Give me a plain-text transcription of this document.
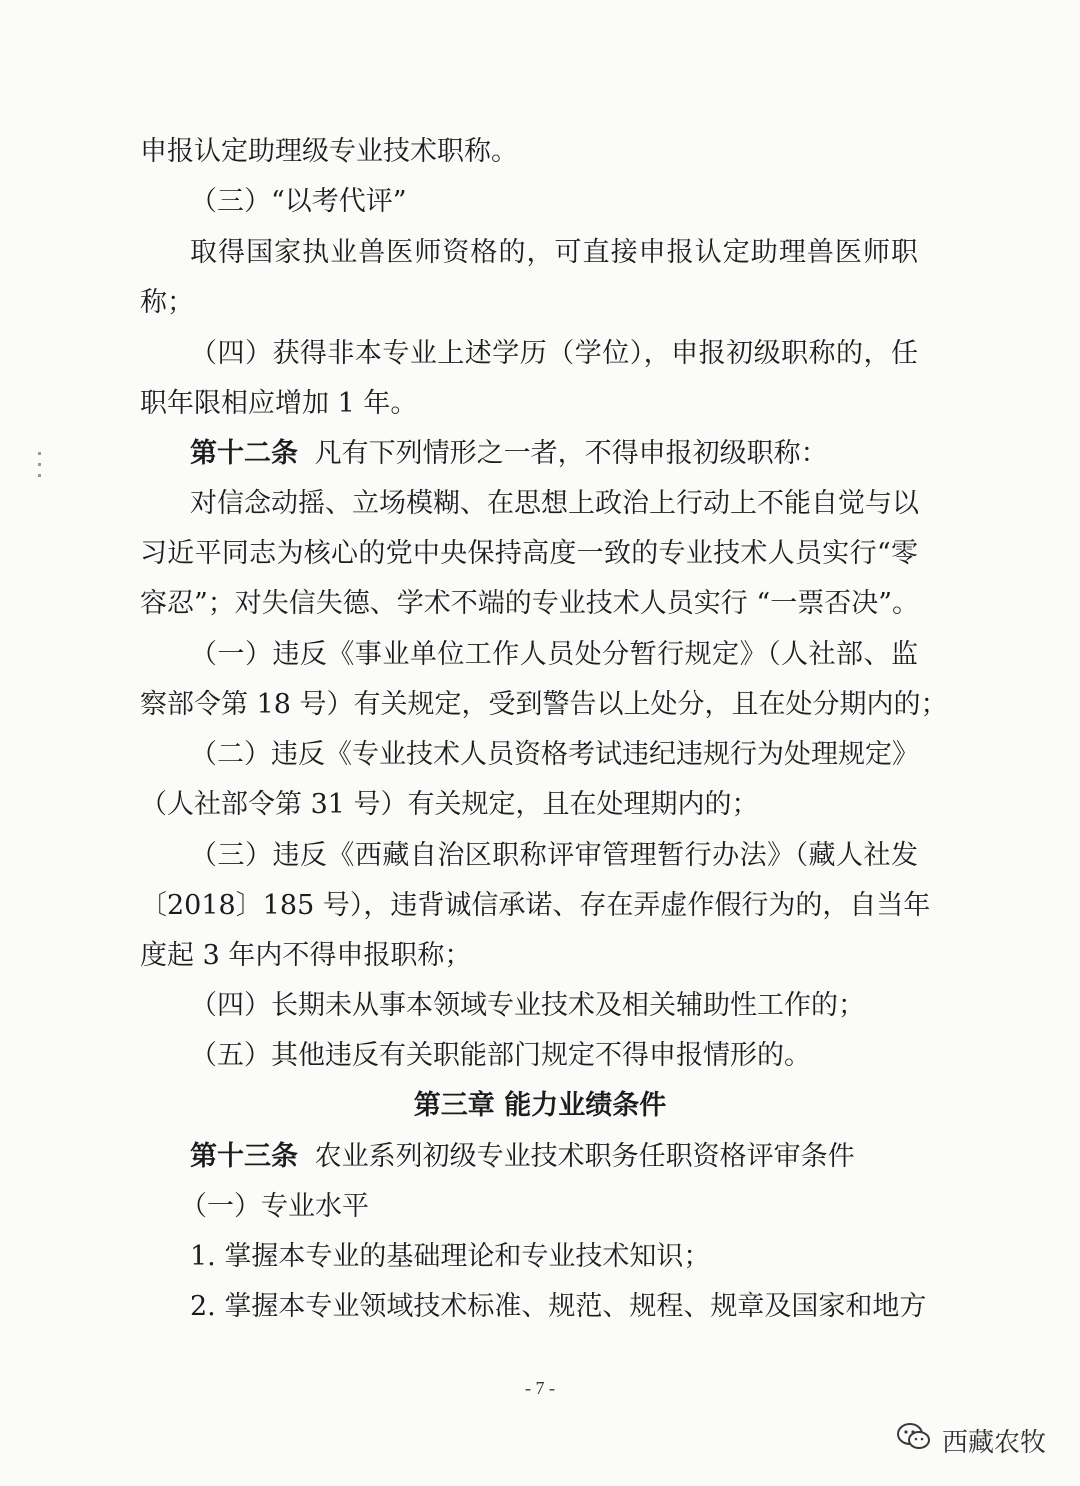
申报认定助理级专业技术职称。
（三）“以考代评”
取得国家执业兽医师资格的，可直接申报认定助理兽医师职
称；
（四）获得非本专业上述学历（学位），申报初级职称的，任
职年限相应增加 1 年。
第十二条 凡有下列情形之一者，不得申报初级职称：
对信念动摇、立场模糊、在思想上政治上行动上不能自觉与以
习近平同志为核心的党中央保持高度一致的专业技术人员实行“零
容忍”；对失信失德、学术不端的专业技术人员实行 “一票否决”。
（一）违反《事业单位工作人员处分暂行规定》（人社部、监
察部令第 18 号）有关规定，受到警告以上处分，且在处分期内的；
（二）违反《专业技术人员资格考试违纪违规行为处理规定》
（人社部令第 31 号）有关规定，且在处理期内的；
（三）违反《西藏自治区职称评审管理暂行办法》（藏人社发
〔2018〕185 号），违背诚信承诺、存在弄虚作假行为的，自当年
度起 3 年内不得申报职称；
（四）长期未从事本领域专业技术及相关辅助性工作的；
（五）其他违反有关职能部门规定不得申报情形的。
第三章 能力业绩条件
第十三条 农业系列初级专业技术职务任职资格评审条件
（一）专业水平
1. 掌握本专业的基础理论和专业技术知识；
2. 掌握本专业领域技术标准、规范、规程、规章及国家和地方
- 7 -
西藏农牧
